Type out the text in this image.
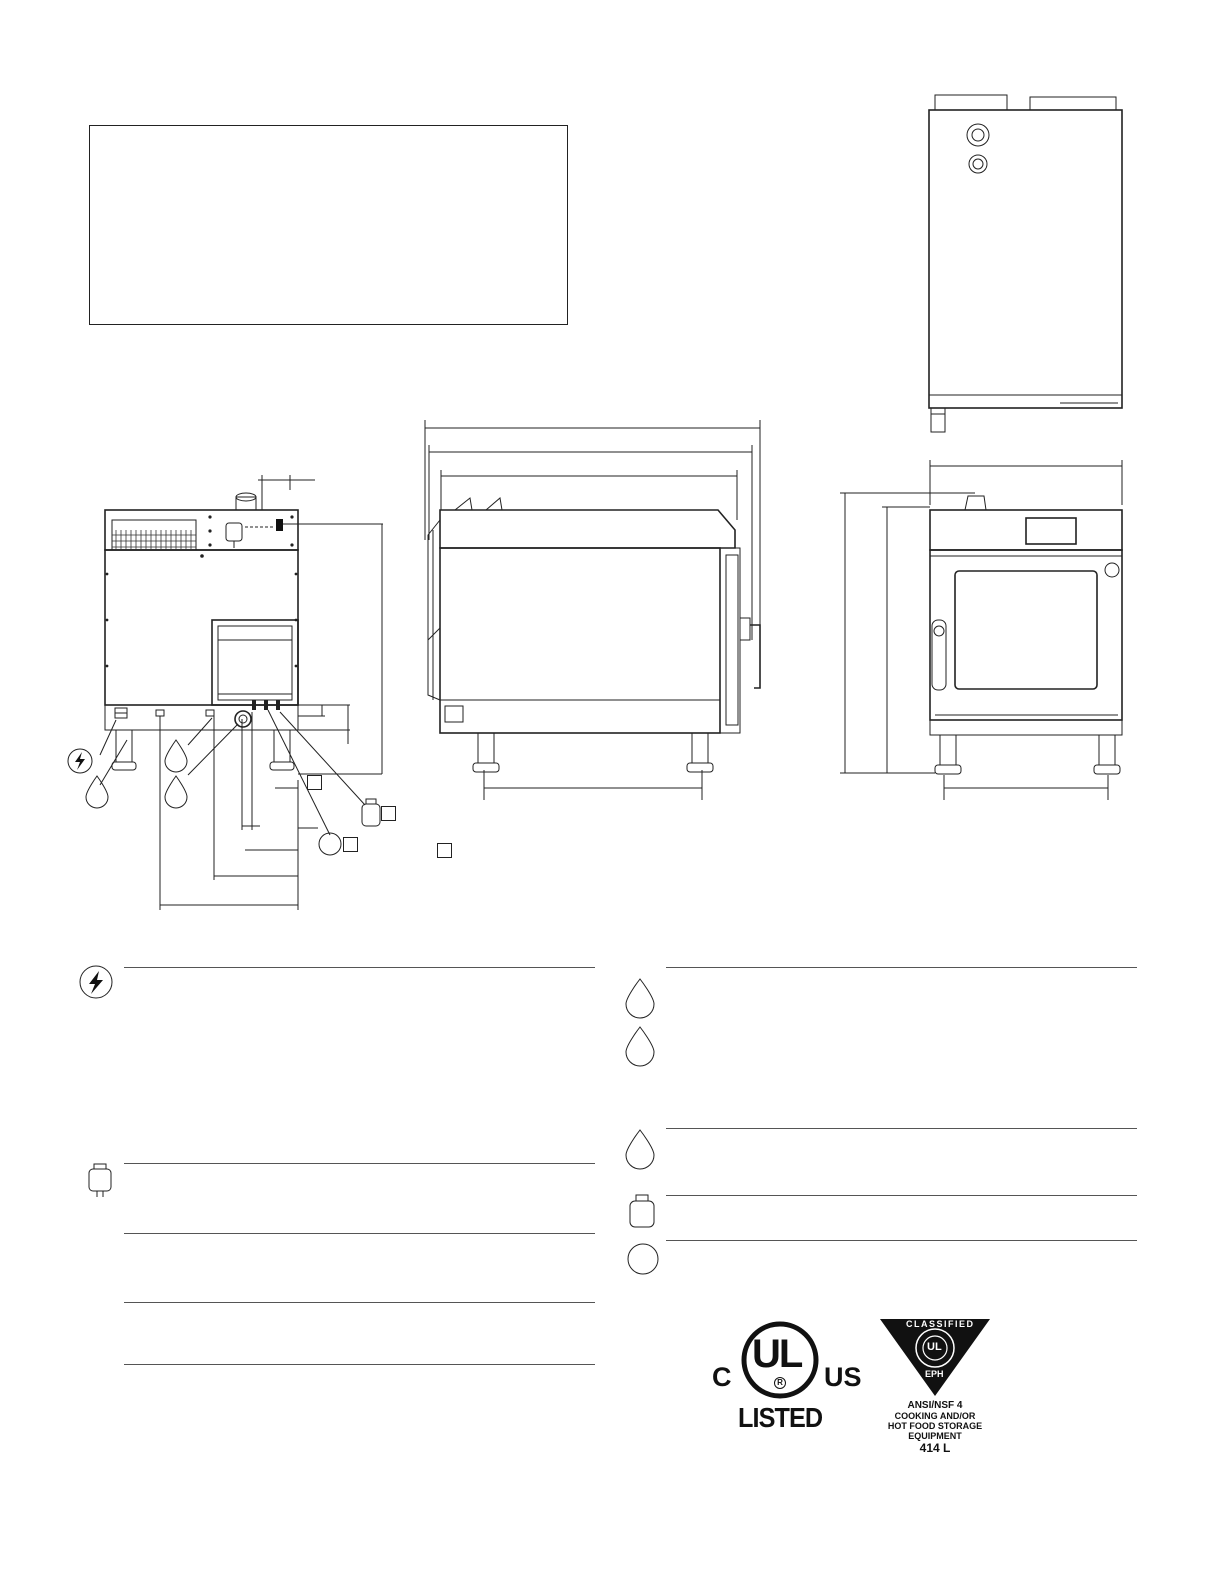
C
UL
R US
LISTED
CLASSIFIED
UL
EPH
ANSI/NSF 4
COOKING AND/OR
HOT FOOD STORAGE
EQUIPMENT
414 L
